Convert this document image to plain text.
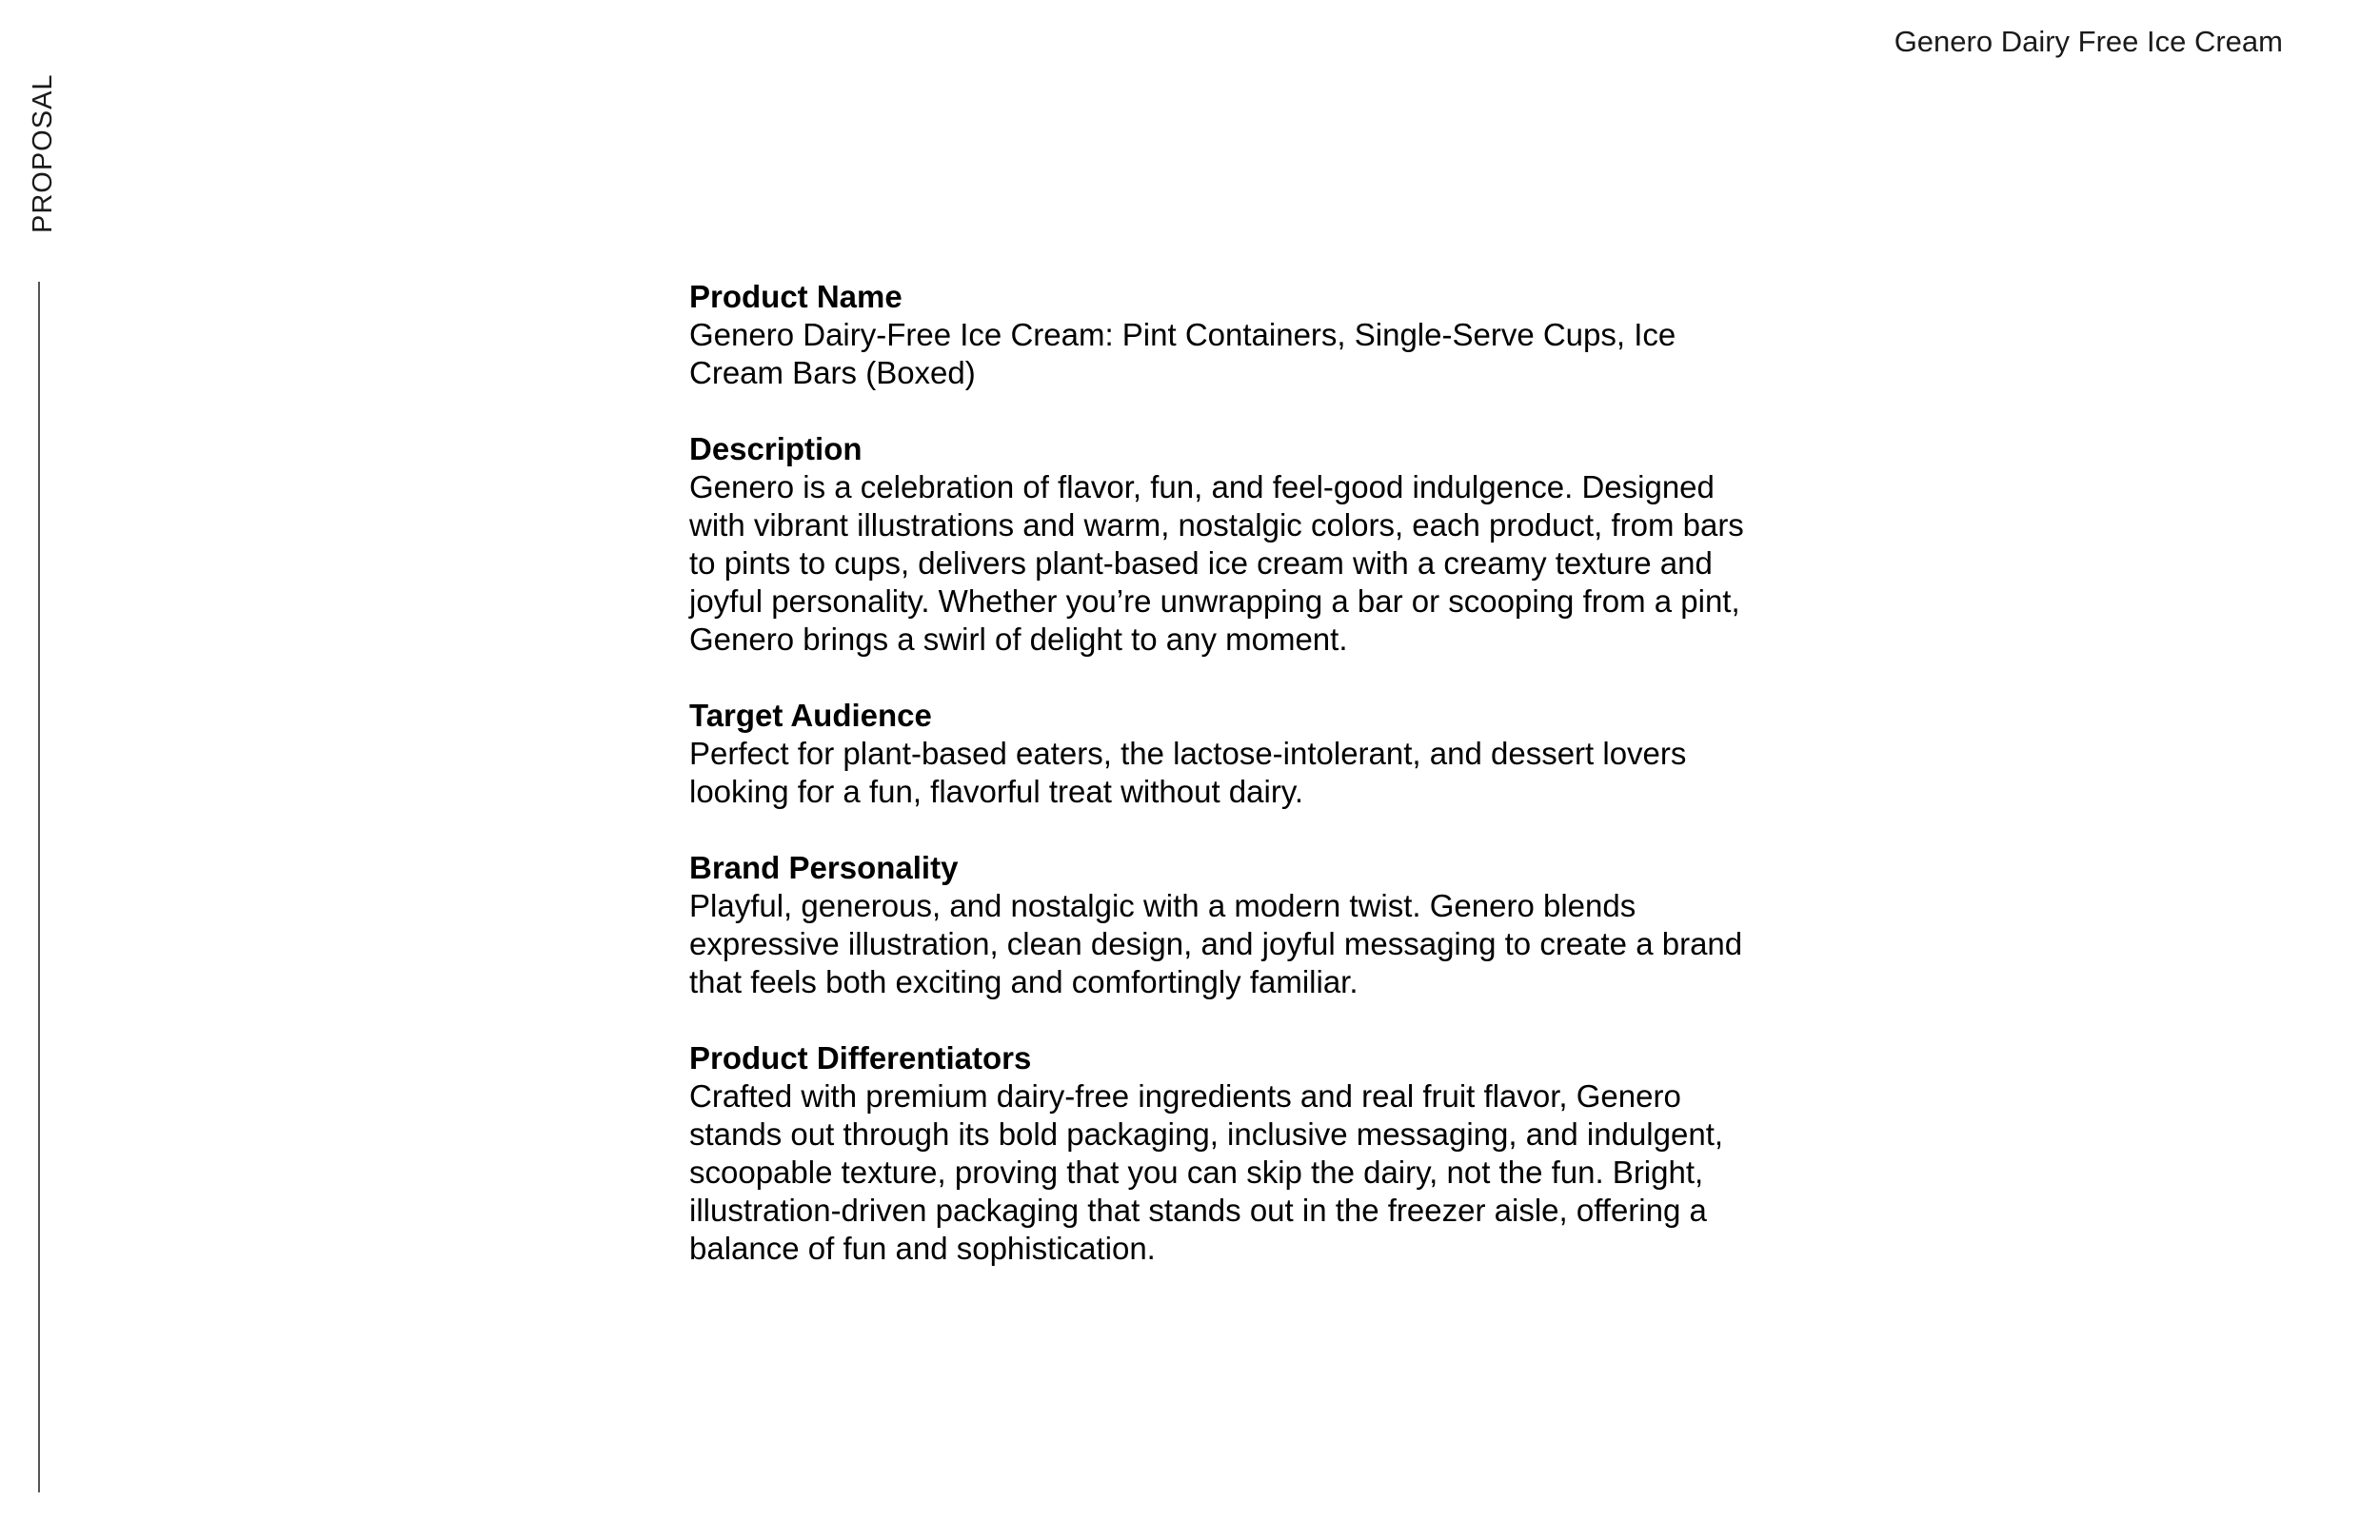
PROPOSAL
Genero Dairy Free Ice Cream
Product Name

Genero Dairy-Free Ice Cream: Pint Containers, Single-Serve Cups, Ice Cream Bars (Boxed)

Description

Genero is a celebration of flavor, fun, and feel-good indulgence. Designed with vibrant illustrations and warm, nostalgic colors, each product, from bars to pints to cups, delivers plant-based ice cream with a creamy texture and joyful personality. Whether you’re unwrapping a bar or scooping from a pint, Genero brings a swirl of delight to any moment.

Target Audience

Perfect for plant-based eaters, the lactose-intolerant, and dessert lovers looking for a fun, flavorful treat without dairy.

Brand Personality

Playful, generous, and nostalgic with a modern twist. Genero blends expressive illustration, clean design, and joyful messaging to create a brand that feels both exciting and comfortingly familiar.

Product Differentiators

Crafted with premium dairy-free ingredients and real fruit flavor, Genero stands out through its bold packaging, inclusive messaging, and indulgent, scoopable texture, proving that you can skip the dairy, not the fun. Bright, illustration-driven packaging that stands out in the freezer aisle, offering a balance of fun and sophistication.
